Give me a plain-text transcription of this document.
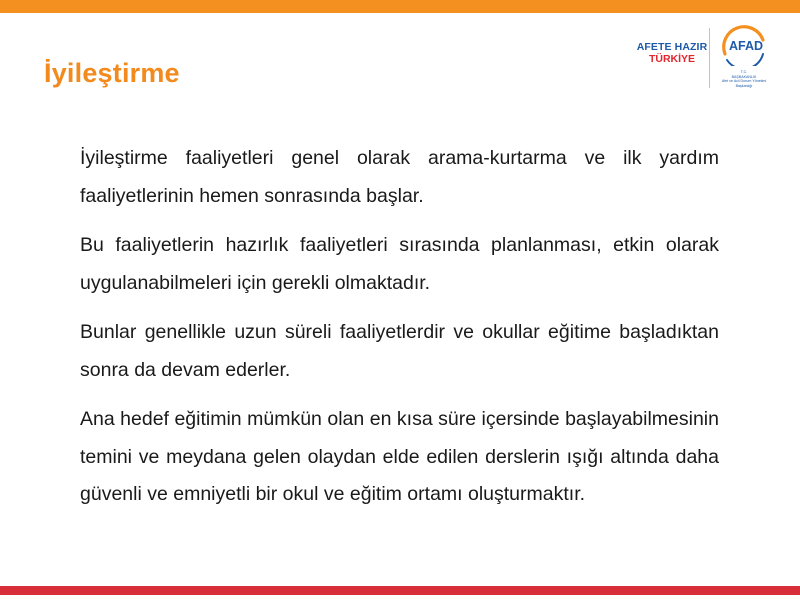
İyileştirme
AFETE HAZIR
TÜRKİYE
AFAD
T.C.
BAŞBAKANLIK
Afet ve Acil Durum Yönetimi Başkanlığı

İyileştirme faaliyetleri genel olarak arama-kurtarma ve ilk yardım faaliyetlerinin hemen sonrasında başlar.

Bu faaliyetlerin hazırlık faaliyetleri sırasında planlanması, etkin olarak uygulanabilmeleri için gerekli olmaktadır.

Bunlar genellikle uzun süreli faaliyetlerdir ve okullar eğitime başladıktan sonra da devam ederler.

Ana hedef eğitimin mümkün olan en kısa süre içersinde başlayabilmesinin temini ve meydana gelen olaydan elde edilen derslerin ışığı altında daha güvenli ve emniyetli bir okul ve eğitim ortamı oluşturmaktır.
